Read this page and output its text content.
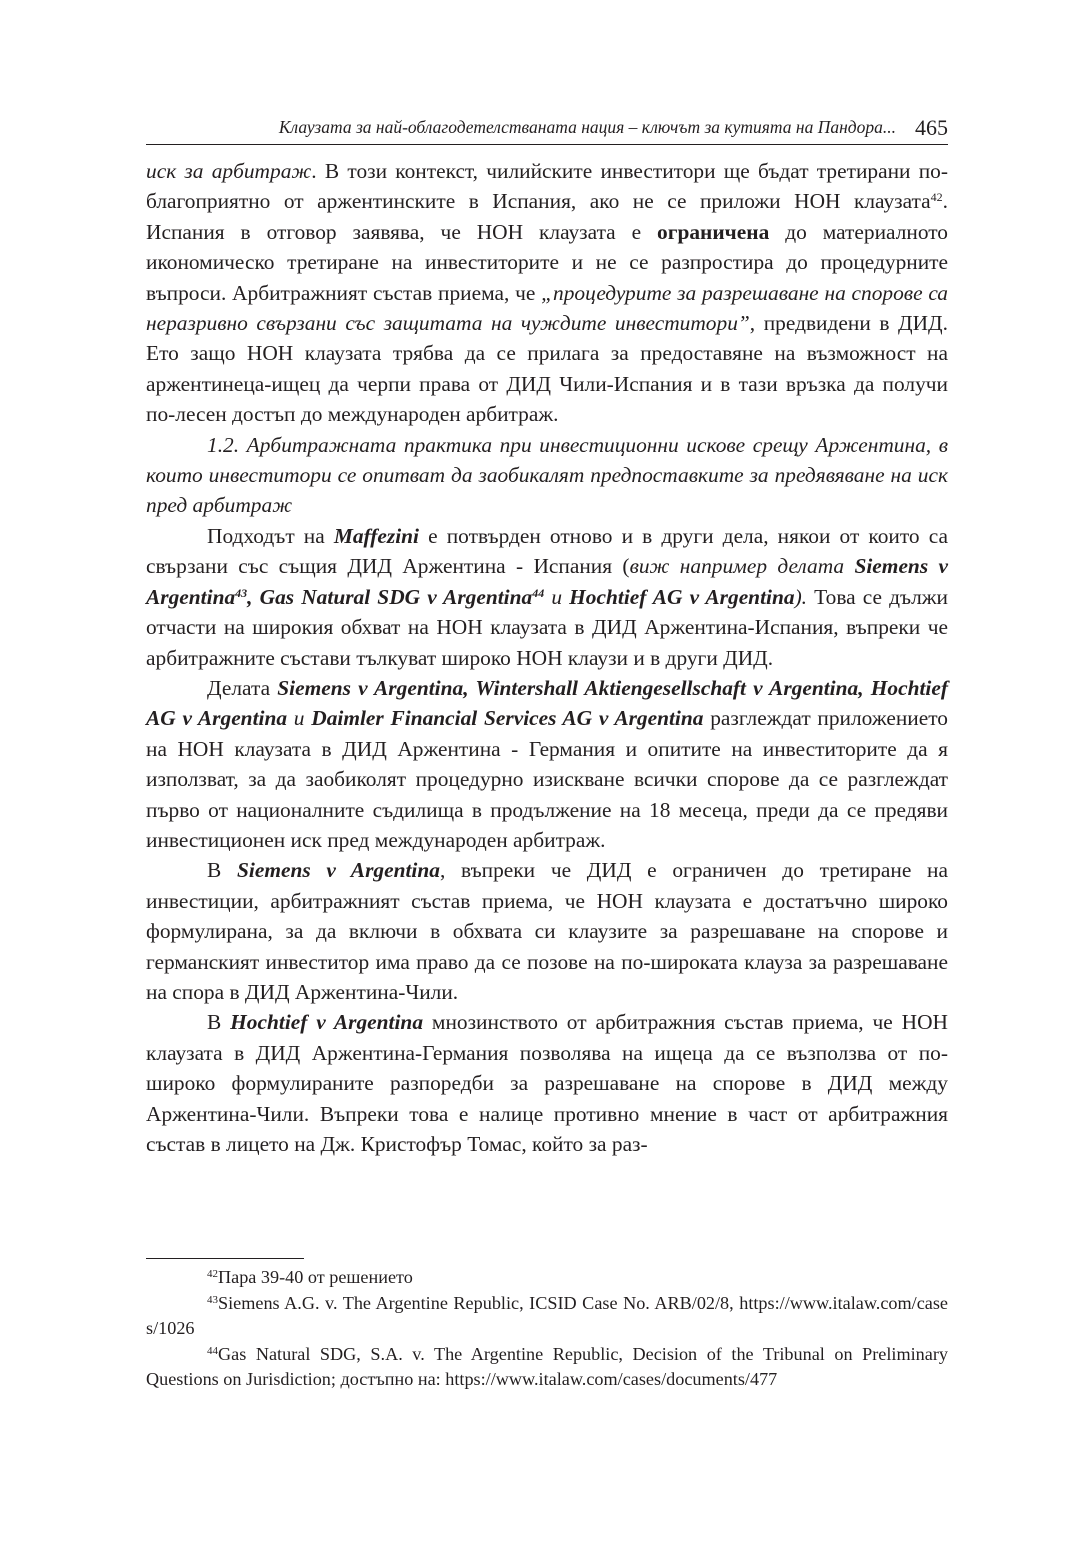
Клаузата за най-облагодетелстваната нация – ключът за кутията на Пандора... 465

иск за арбитраж. В този контекст, чилийските инвеститори ще бъдат третирани по-благоприятно от аржентинските в Испания, ако не се приложи НОН клаузата$^{42}$. Испания в отговор заявява, че НОН клаузата е ограничена до материалното икономическо третиране на инвеститорите и не се разпростира до процедурните въпроси. Арбитражният състав приема, че „процедурите за разрешаване на спорове са неразривно свързани със защитата на чуждите инвеститори”, предвидени в ДИД. Ето защо НОН клаузата трябва да се прилага за предоставяне на възможност на аржентинеца-ищец да черпи права от ДИД Чили-Испания и в тази връзка да получи по-лесен достъп до международен арбитраж.

1.2. Арбитражната практика при инвестиционни искове срещу Аржентина, в които инвеститори се опитват да заобикалят предпоставките за предявяване на иск пред арбитраж

Подходът на Maffezini е потвърден отново и в други дела, някои от които са свързани със същия ДИД Аржентина - Испания (виж например делата Siemens v Argentina$^{43}$, Gas Natural SDG v Argentina$^{44}$ и Hochtief AG v Argentina). Това се дължи отчасти на широкия обхват на НОН клаузата в ДИД Аржентина-Испания, въпреки че арбитражните състави тълкуват широко НОН клаузи и в други ДИД.

Делата Siemens v Argentina, Wintershall Aktiengesellschaft v Argentina, Hochtief AG v Argentina и Daimler Financial Services AG v Argentina разглеждат приложението на НОН клаузата в ДИД Аржентина - Германия и опитите на инвеститорите да я използват, за да заобиколят процедурно изискване всички спорове да се разглеждат първо от националните съдилища в продължение на 18 месеца, преди да се предяви инвестиционен иск пред международен арбитраж.

В Siemens v Argentina, въпреки че ДИД е ограничен до третиране на инвестиции, арбитражният състав приема, че НОН клаузата е достатъчно широко формулирана, за да включи в обхвата си клаузите за разрешаване на спорове и германският инвеститор има право да се позове на по-широката клауза за разрешаване на спора в ДИД Аржентина-Чили.

В Hochtief v Argentina мнозинството от арбитражния състав приема, че НОН клаузата в ДИД Аржентина-Германия позволява на ищеца да се възползва от по-широко формулираните разпоредби за разрешаване на спорове в ДИД между Аржентина-Чили. Въпреки това е налице противно мнение в част от арбитражния състав в лицето на Дж. Кристофър Томас, който за раз-

$^{42}$Пара 39-40 от решението

$^{43}$Siemens A.G. v. The Argentine Republic, ICSID Case No. ARB/02/8, https://www.italaw.com/cases/1026

$^{44}$Gas Natural SDG, S.A. v. The Argentine Republic, Decision of the Tribunal on Preliminary Questions on Jurisdiction; достъпно на: https://www.italaw.com/cases/documents/477
